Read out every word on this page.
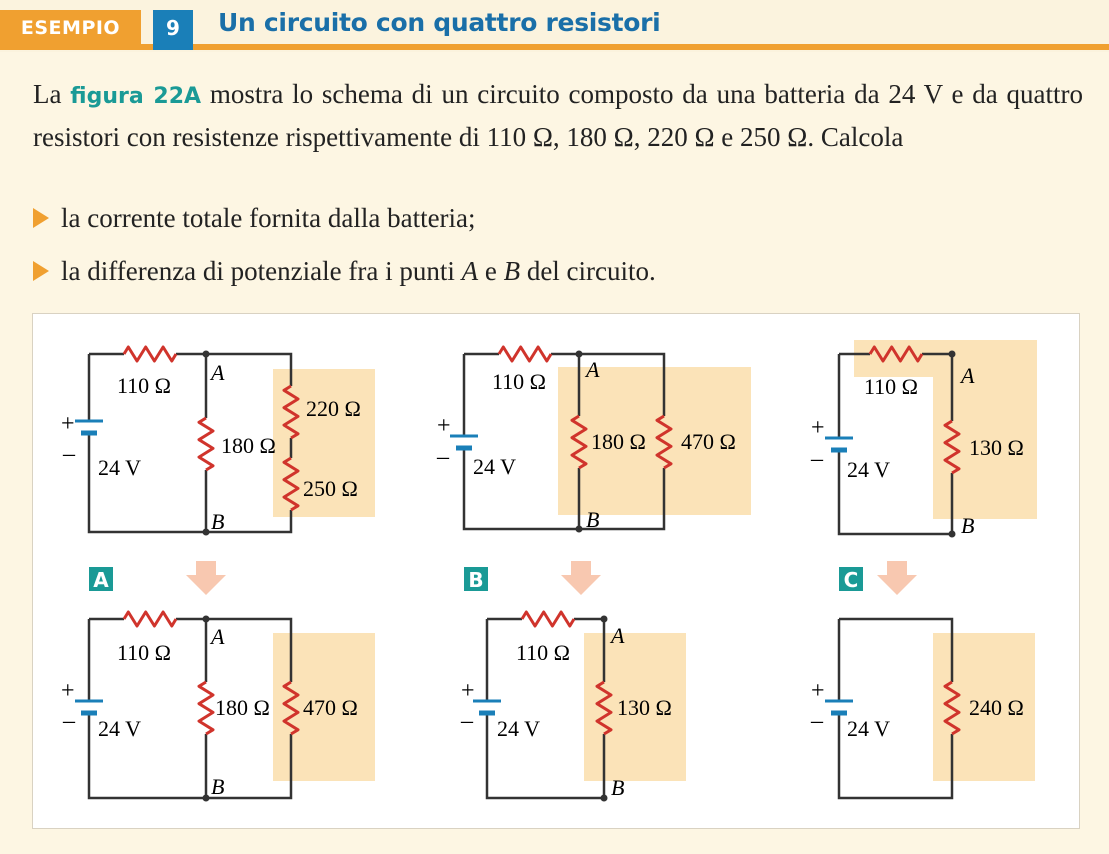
ESEMPIO	9	Un circuito con quattro resistori
La figura 22A mostra lo schema di un circuito composto da una batteria da 24 V e da quattro resistori con resistenze rispettivamente di 110 Ω, 180 Ω, 220 Ω e 250 Ω. Calcola
la corrente totale fornita dalla batteria;
la differenza di potenziale fra i punti A e B del circuito.
+
–
24 V
110 Ω
A
B
220 Ω
180 Ω
250 Ω
+
– 24 V
110 Ω A
B
180 Ω 470 Ω
+
– 24 V
110 Ω A
B
130 Ω
A	B	C
+
– 24 V
110 Ω
A
B
180 Ω 470 Ω
+
– 24 V
110 Ω
A
B
130 Ω
+
– 24 V
240 Ω
